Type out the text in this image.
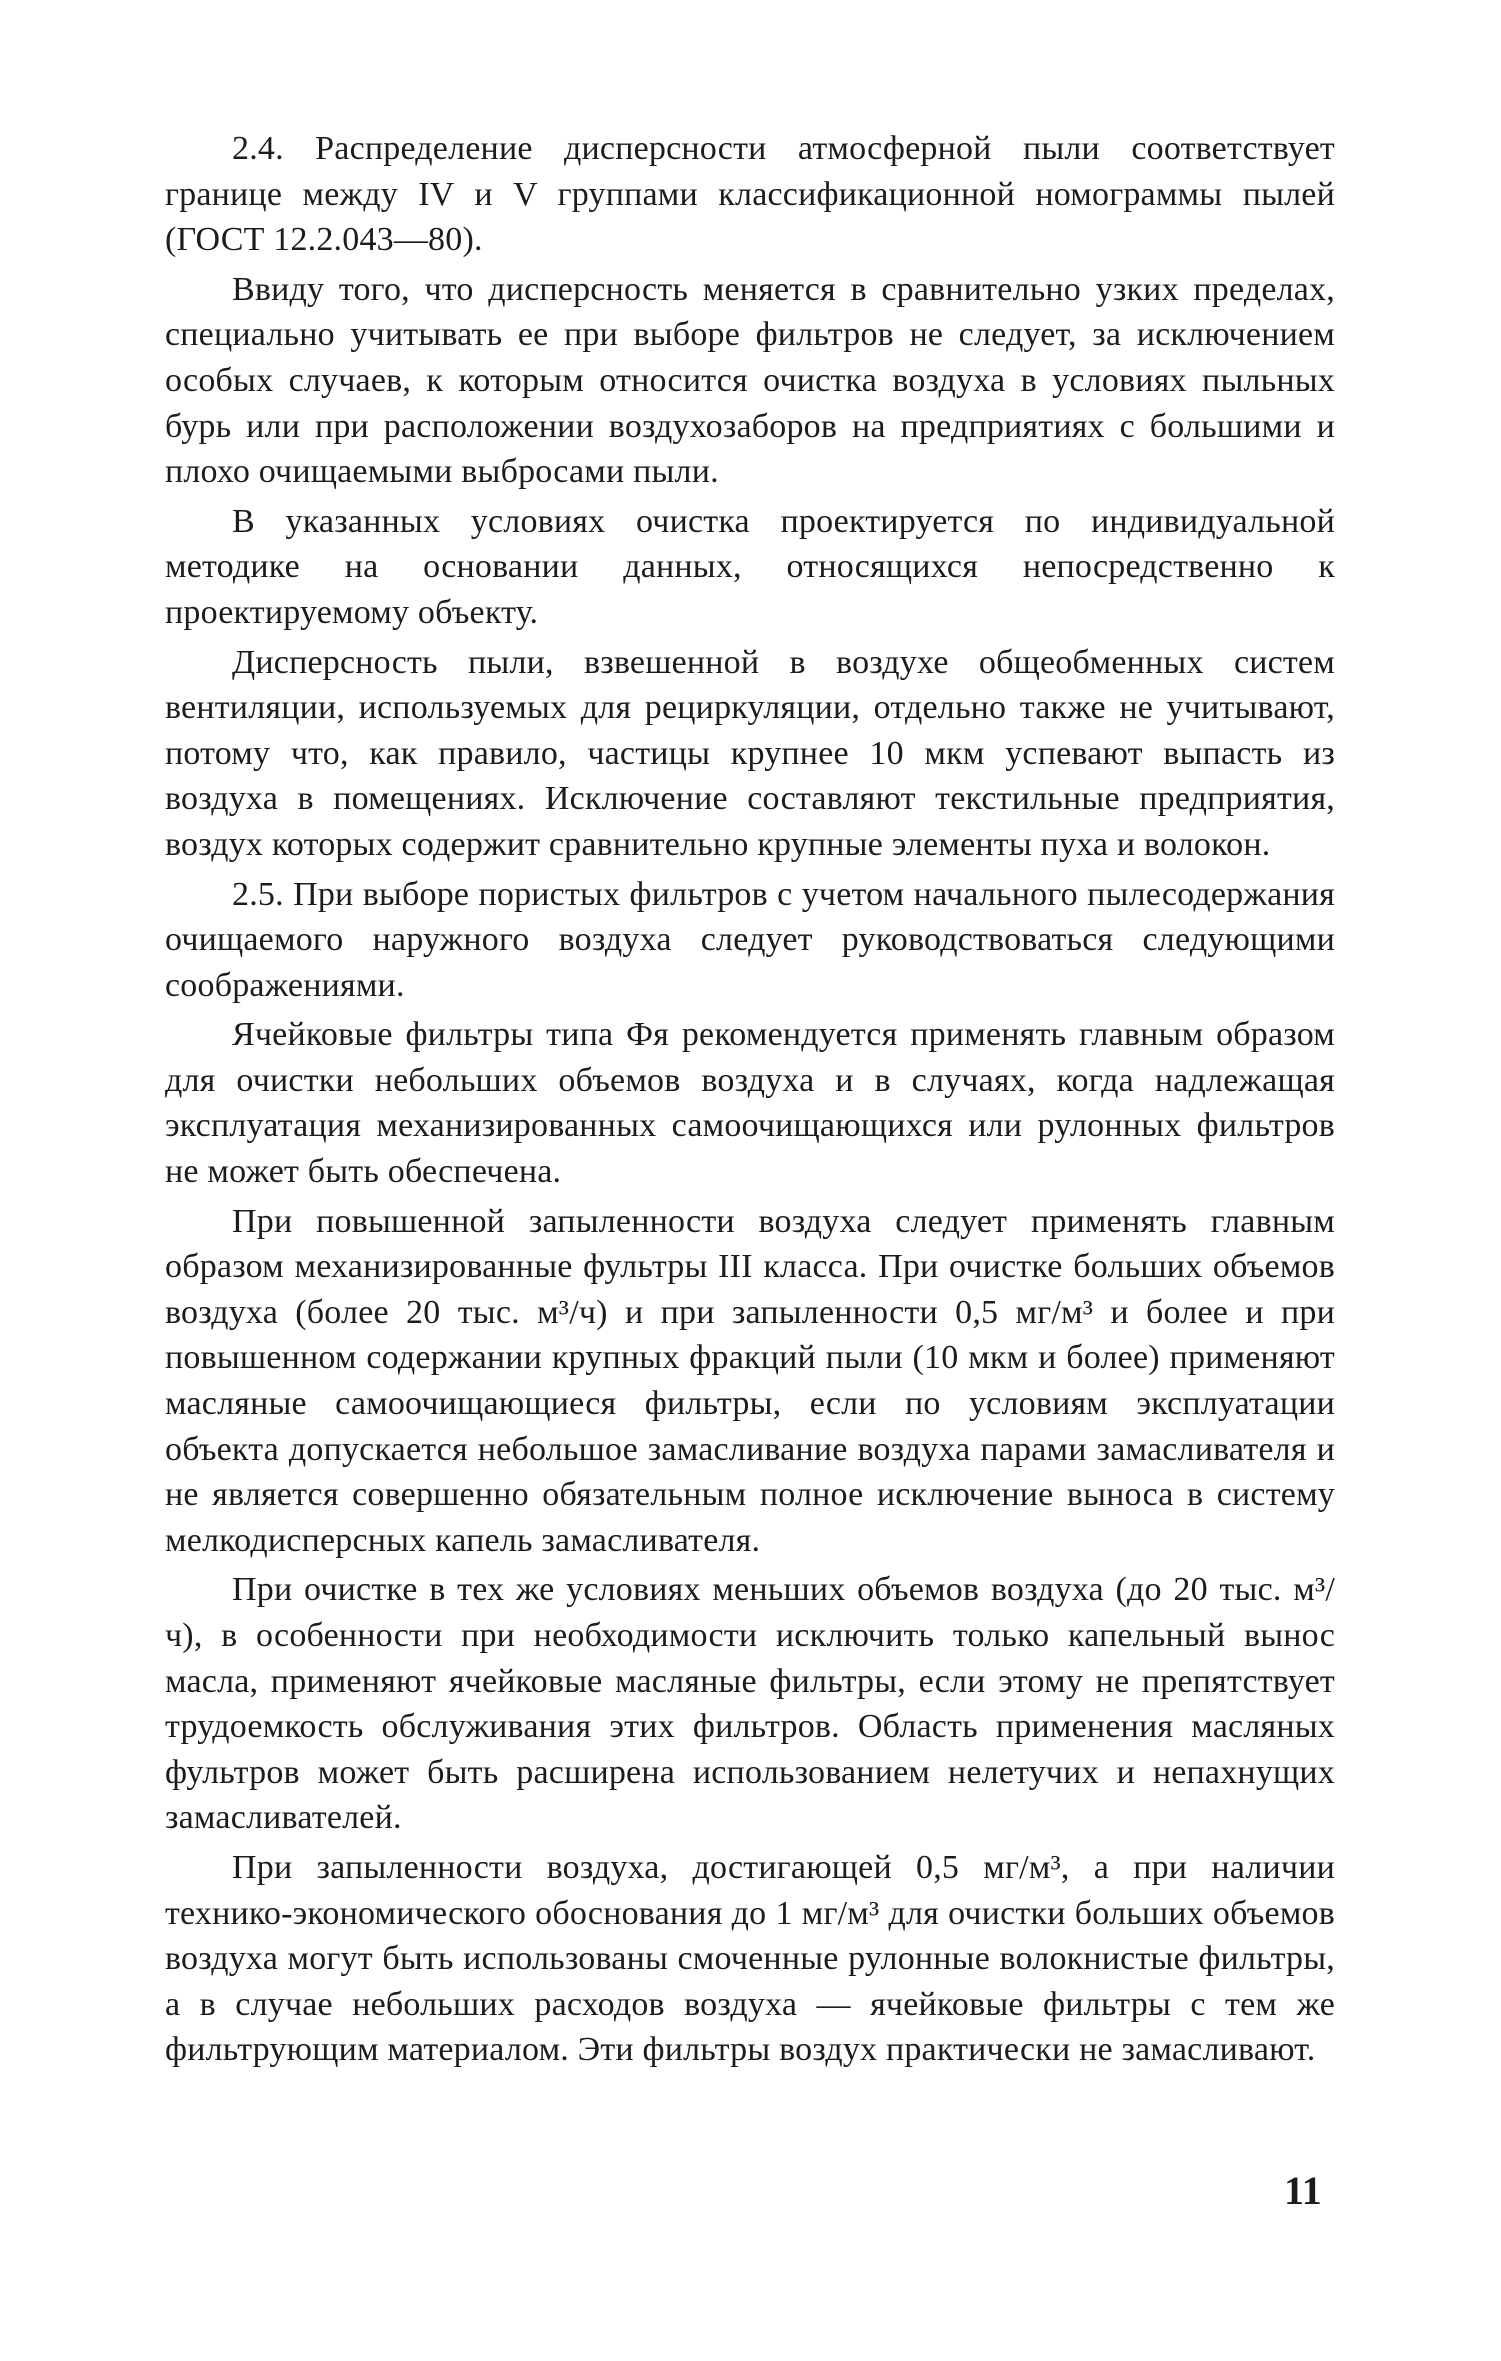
2.4. Распределение дисперсности атмосферной пыли соответствует границе между IV и V группами классификационной номограммы пылей (ГОСТ 12.2.043—80).

Ввиду того, что дисперсность меняется в сравнительно узких пределах, специально учитывать ее при выборе фильтров не следует, за исключением особых случаев, к которым относится очистка воздуха в условиях пыльных бурь или при расположении воздухозаборов на предприятиях с большими и плохо очищаемыми выбросами пыли.

В указанных условиях очистка проектируется по индивидуальной методике на основании данных, относящихся непосредственно к проектируемому объекту.

Дисперсность пыли, взвешенной в воздухе общеобменных систем вентиляции, используемых для рециркуляции, отдельно также не учитывают, потому что, как правило, частицы крупнее 10 мкм успевают выпасть из воздуха в помещениях. Исключение составляют текстильные предприятия, воздух которых содержит сравнительно крупные элементы пуха и волокон.

2.5. При выборе пористых фильтров с учетом начального пылесодержания очищаемого наружного воздуха следует руководствоваться следующими соображениями.

Ячейковые фильтры типа Фя рекомендуется применять главным образом для очистки небольших объемов воздуха и в случаях, когда надлежащая эксплуатация механизированных самоочищающихся или рулонных фильтров не может быть обеспечена.

При повышенной запыленности воздуха следует применять главным образом механизированные фультры III класса. При очистке больших объемов воздуха (более 20 тыс. м³/ч) и при запыленности 0,5 мг/м³ и более и при повышенном содержании крупных фракций пыли (10 мкм и более) применяют масляные самоочищающиеся фильтры, если по условиям эксплуатации объекта допускается небольшое замасливание воздуха парами замасливателя и не является совершенно обязательным полное исключение выноса в систему мелкодисперсных капель замасливателя.

При очистке в тех же условиях меньших объемов воздуха (до 20 тыс. м³/ч), в особенности при необходимости исключить только капельный вынос масла, применяют ячейковые масляные фильтры, если этому не препятствует трудоемкость обслуживания этих фильтров. Область применения масляных фультров может быть расширена использованием нелетучих и непахнущих замасливателей.

При запыленности воздуха, достигающей 0,5 мг/м³, а при наличии технико-экономического обоснования до 1 мг/м³ для очистки больших объемов воздуха могут быть использованы смоченные рулонные волокнистые фильтры, а в случае небольших расходов воздуха — ячейковые фильтры с тем же фильтрующим материалом. Эти фильтры воздух практически не замасливают.

11
